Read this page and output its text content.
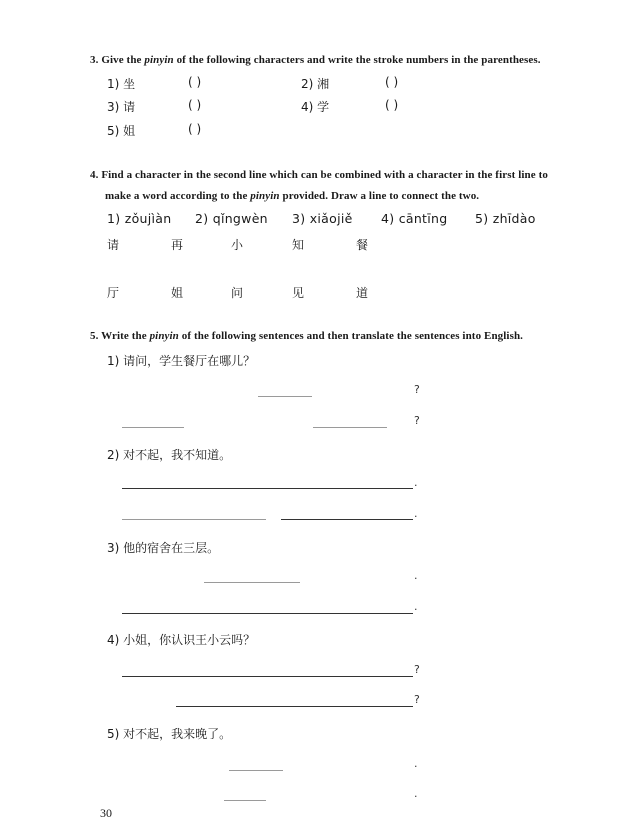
3. Give the pinyin of the following characters and write the stroke numbers in the parentheses.
1) 坐	( )	2) 湘	( )
3) 请	( )	4) 学	( )
5) 姐	( )
4. Find a character in the second line which can be combined with a character in the first line to
make a word according to the pinyin provided. Draw a line to connect the two.
1) zǒujìàn 2) qǐngwèn 3) xiǎojiě 4) cāntīng 5) zhīdào
请	再	小	知	餐
厅	姐	问	见	道
5. Write the pinyin of the following sentences and then translate the sentences into English.
1) 请问，学生餐厅在哪儿？
?
?
2) 对不起，我不知道。
.
.
3) 他的宿舍在三层。
.
.
4) 小姐，你认识王小云吗？
?
?
5) 对不起，我来晚了。
.
.
30
